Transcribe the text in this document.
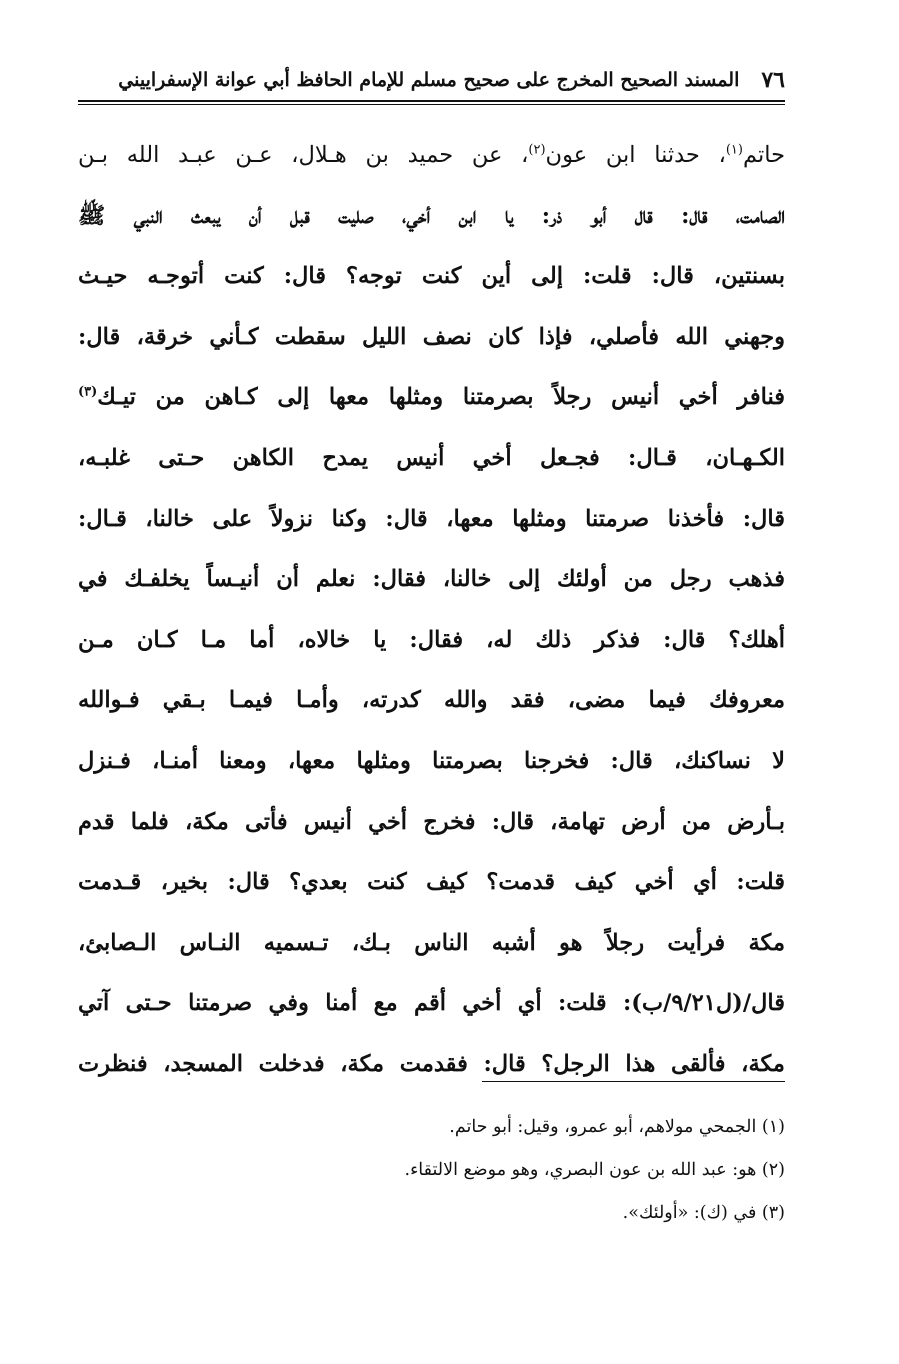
٧٦
المسند الصحيح المخرج على صحيح مسلم للإمام الحافظ أبي عوانة الإسفراييني
حاتم$^{(١)}$، حدثنا ابن عون$^{(٢)}$، عن حميد بن هـلال، عـن عبـد الله بـن
الصامت، قال: قال أبو ذر: يا ابن أخي، صليت قبل أن يبعث النبي ﷺ
بسنتين، قال: قلت: إلى أين كنت توجه؟ قال: كنت أتوجـه حيـث
وجهني الله فأصلي، فإذا كان نصف الليل سقطت كـأني خرقة، قال:
فنافر أخي أنيس رجلاً بصرمتنا ومثلها معها إلى كـاهن من تيـك$^{(٣)}$
الكـهـان، قـال: فجـعل أخي أنيس يمدح الكاهن حـتى غلبـه،
قال: فأخذنا صرمتنا ومثلها معها، قال: وكنا نزولاً على خالنا، قـال:
فذهب رجل من أولئك إلى خالنا، فقال: نعلم أن أنيـساً يخلفـك في
أهلك؟ قال: فذكر ذلك له، فقال: يا خالاه، أما مـا كـان مـن
معروفك فيما مضى، فقد والله كدرته، وأمـا فيمـا بـقي فـوالله
لا نساكنك، قال: فخرجنا بصرمتنا ومثلها معها، ومعنا أمنـا، فـنزل
بـأرض من أرض تهامة، قال: فخرج أخي أنيس فأتى مكة، فلما قدم
قلت: أي أخي كيف قدمت؟ كيف كنت بعدي؟ قال: بخير، قـدمت
مكة فرأيت رجلاً هو أشبه الناس بـك، تـسميه النـاس الـصابئ،
قال/(ل٩/٢١/ب): قلت: أي أخي أقم مع أمنا وفي صرمتنا حـتى آتي
مكة، فألقى هذا الرجل؟ قال: فقدمت مكة، فدخلت المسجد، فنظرت
(١) الجمحي مولاهم، أبو عمرو، وقيل: أبو حاتم.
(٢) هو: عبد الله بن عون البصري، وهو موضع الالتقاء.
(٣) في (ك): «أولئك».
